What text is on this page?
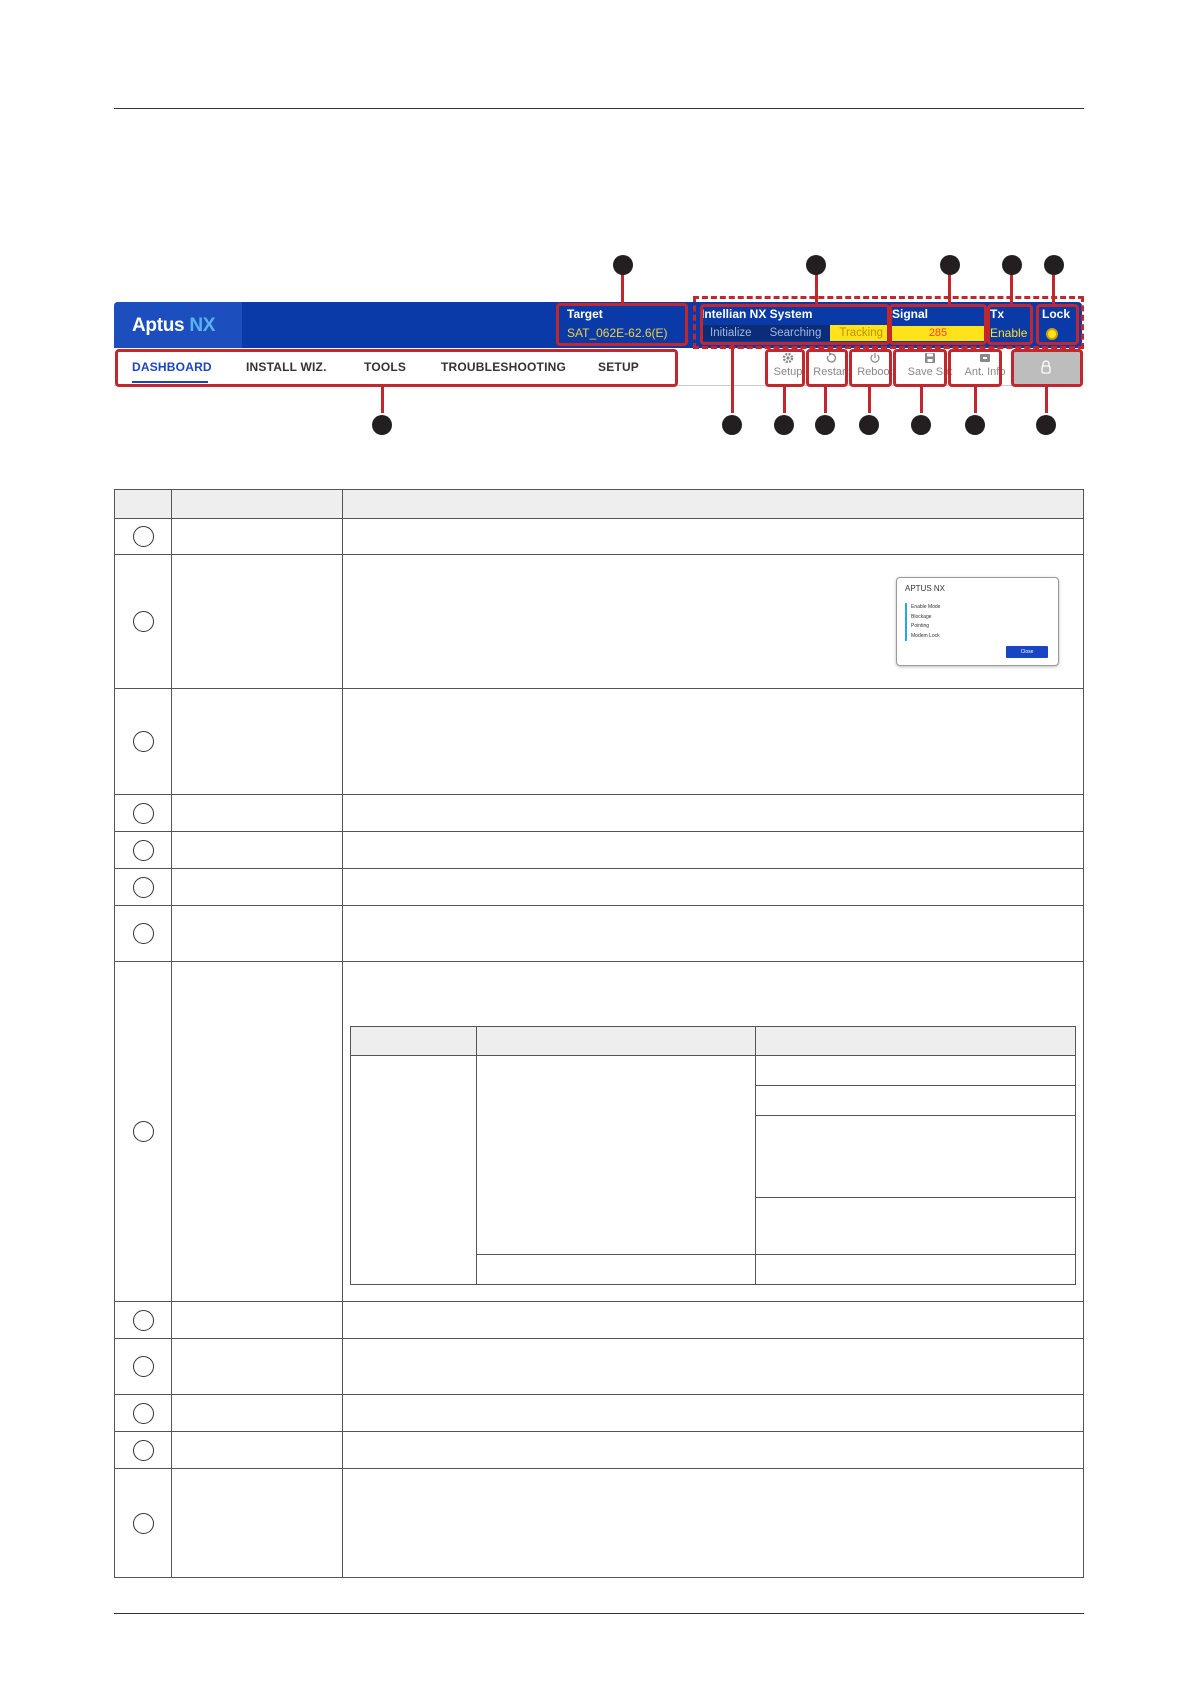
Aptus NX
Target
SAT_062E-62.6(E)
Intellian NX System
Initialize	Searching	Tracking
Signal
285
Tx
Enable
Lock
DASHBOARD	INSTALL WIZ.	TOOLS	TROUBLESHOOTING	SETUP	Setup Restart Reboot Save Sat	Ant. Info

APTUS NX
Enable Mode
Blockage
Pointing
Modem Lock
Close
